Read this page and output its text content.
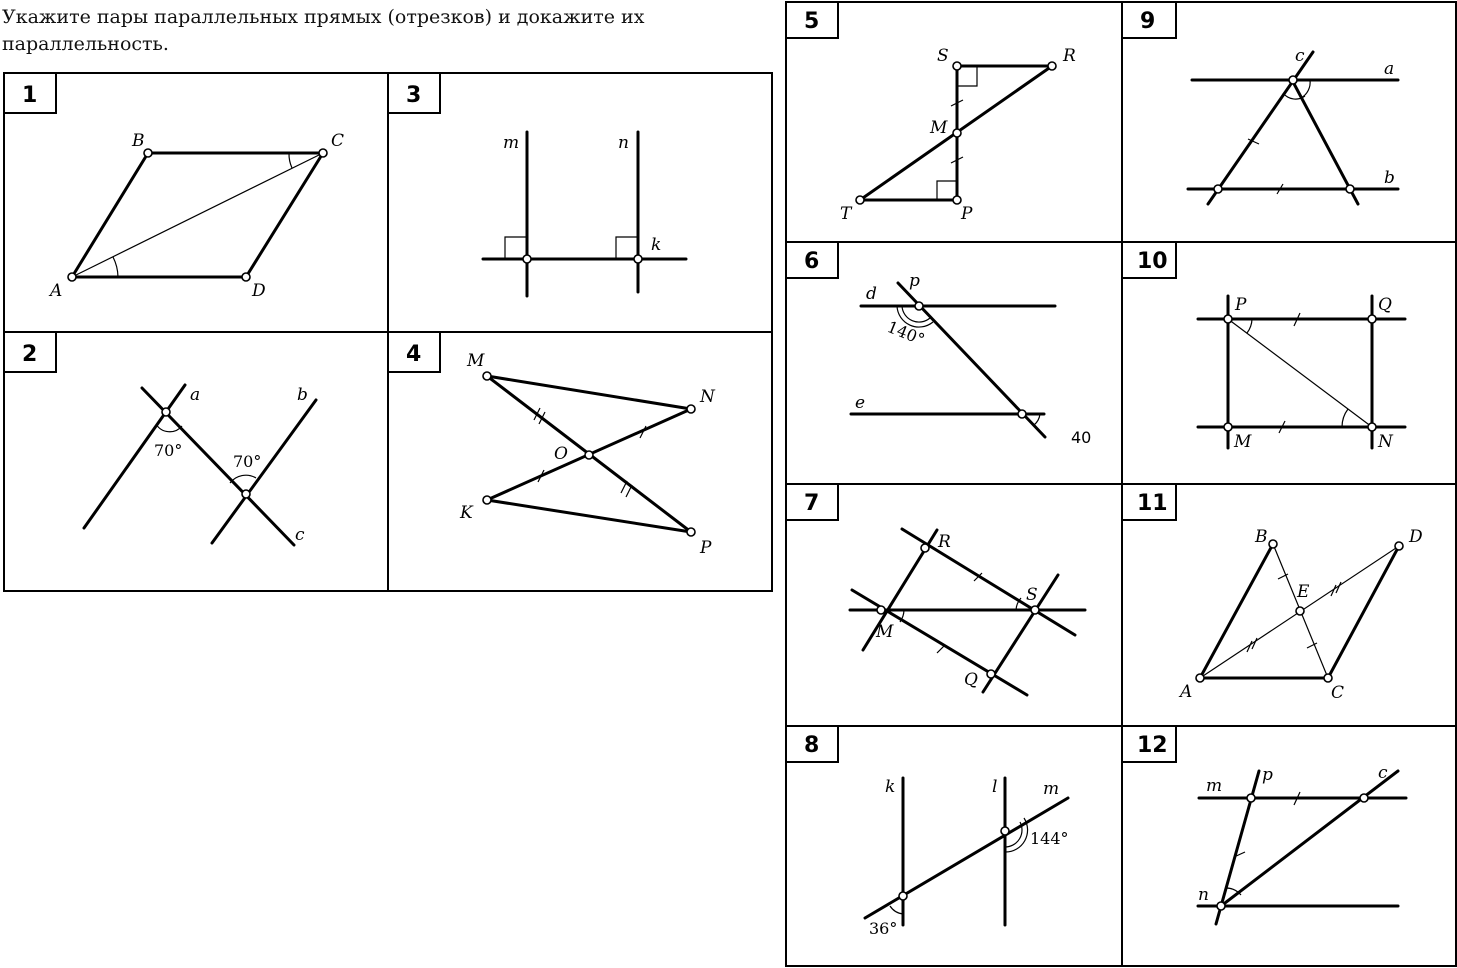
Укажите пары параллельных прямых (отрезков) и докажите их параллельность.

1
B	C
A	D
2
a	b
c
70°
70°
3
m	n
k
4	M
N
O
K
P
5
S	R
M
T	P
6
d
p
e
140°
40
7
R
S
M
Q
8
k	l	m
144°
36°
9
c
a
b
10
P	Q
M	N
11
B	D
E
A	C
12
m
p	c
n
